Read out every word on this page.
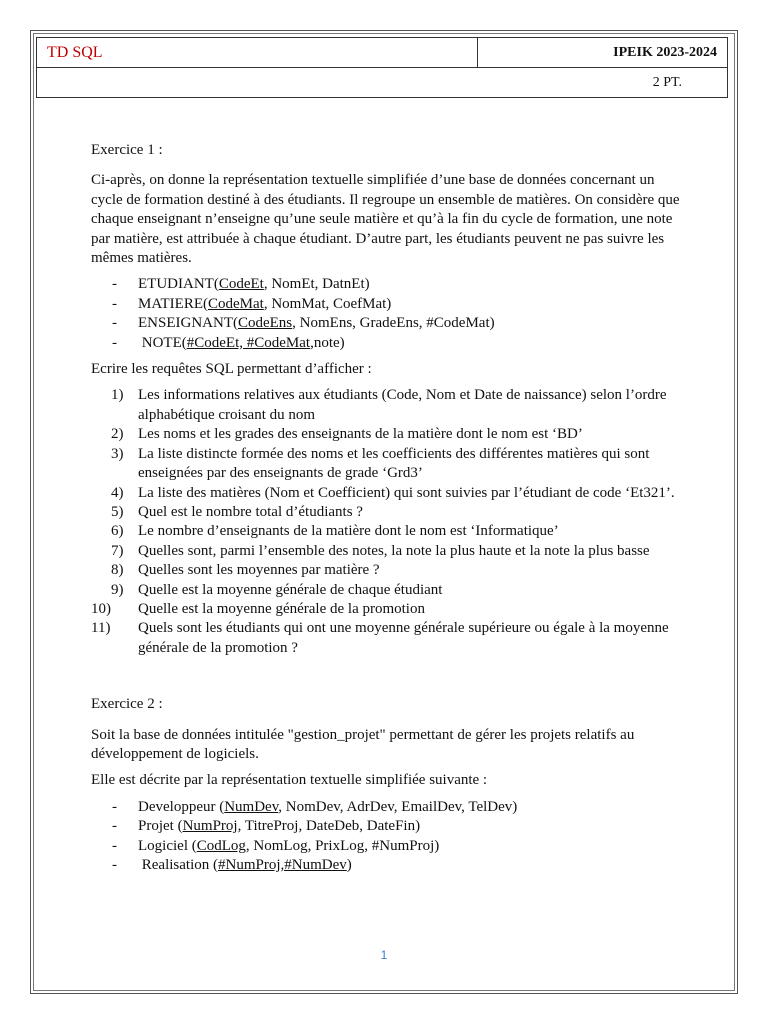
TD SQL	IPEIK 2023-2024
2 PT.
Exercice 1 :

Ci-après, on donne la représentation textuelle simplifiée d’une base de données concernant un cycle de formation destiné à des étudiants. Il regroupe un ensemble de matières. On considère que chaque enseignant n’enseigne qu’une seule matière et qu’à la fin du cycle de formation, une note par matière, est attribuée à chaque étudiant. D’autre part, les étudiants peuvent ne pas suivre les mêmes matières.

- ETUDIANT(CodeEt, NomEt, DatnEt)
- MATIERE(CodeMat, NomMat, CoefMat)
- ENSEIGNANT(CodeEns, NomEns, GradeEns, #CodeMat)
- NOTE(#CodeEt, #CodeMat,note)

Ecrire les requêtes SQL permettant d’afficher :

1) Les informations relatives aux étudiants (Code, Nom et Date de naissance) selon l’ordre alphabétique croisant du nom
2) Les noms et les grades des enseignants de la matière dont le nom est ‘BD’
3) La liste distincte formée des noms et les coefficients des différentes matières qui sont enseignées par des enseignants de grade ‘Grd3’
4) La liste des matières (Nom et Coefficient) qui sont suivies par l’étudiant de code ‘Et321’.
5) Quel est le nombre total d’étudiants ?
6) Le nombre d’enseignants de la matière dont le nom est ‘Informatique’
7) Quelles sont, parmi l’ensemble des notes, la note la plus haute et la note la plus basse
8) Quelles sont les moyennes par matière ?
9) Quelle est la moyenne générale de chaque étudiant
10) Quelle est la moyenne générale de la promotion
11) Quels sont les étudiants qui ont une moyenne générale supérieure ou égale à la moyenne générale de la promotion ?
Exercice 2 :

Soit la base de données intitulée "gestion_projet" permettant de gérer les projets relatifs au développement de logiciels.

Elle est décrite par la représentation textuelle simplifiée suivante :

- Developpeur (NumDev, NomDev, AdrDev, EmailDev, TelDev)
- Projet (NumProj, TitreProj, DateDeb, DateFin)
- Logiciel (CodLog, NomLog, PrixLog, #NumProj)
- Realisation (#NumProj,#NumDev)
1
